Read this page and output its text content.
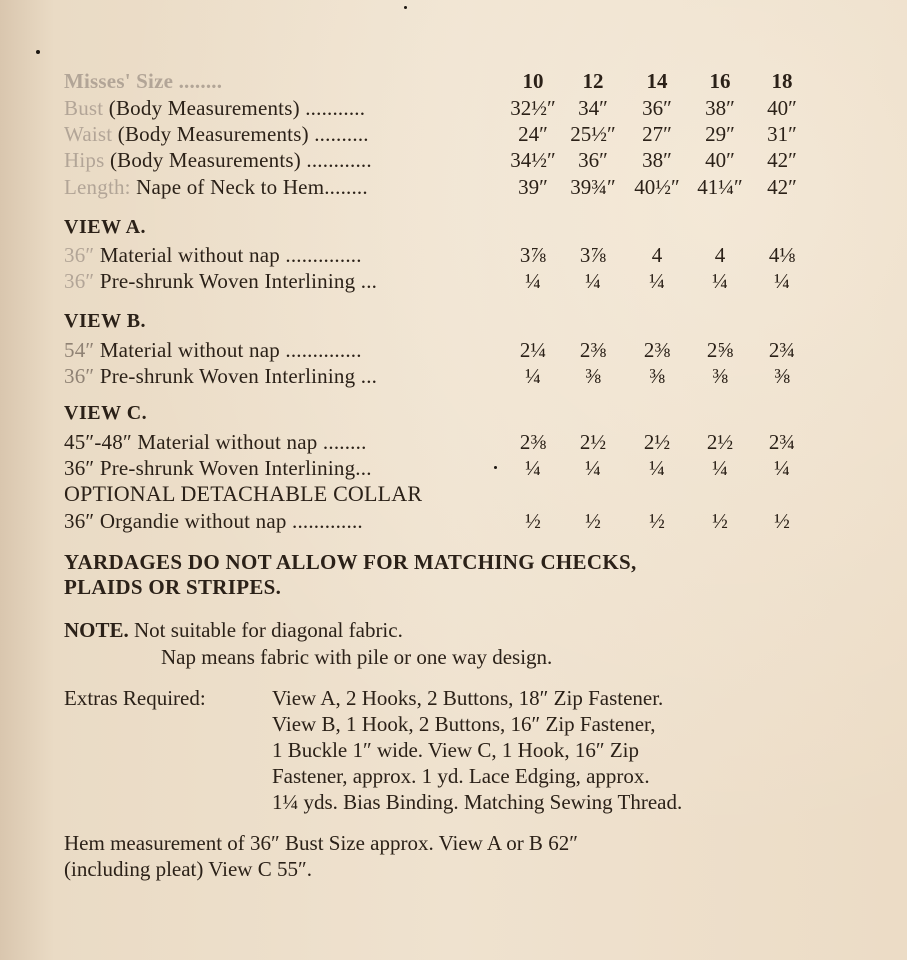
Misses' Size ........	10	12	14	16	18
Bust (Body Measurements) ...........	32½″	34″	36″	38″	40″
Waist (Body Measurements) ..........	24″	25½″	27″	29″	31″
Hips (Body Measurements) ............	34½″	36″	38″	40″	42″
Length: Nape of Neck to Hem........	39″	39¾″ 40½″ 41¼″	42″
VIEW A.
36″ Material without nap ..............	3⅞	3⅞	4	4	4⅛
36″ Pre-shrunk Woven Interlining ...	¼	¼	¼	¼	¼
VIEW B.
54″ Material without nap ..............	2¼	2⅜	2⅜	2⅝	2¾
36″ Pre-shrunk Woven Interlining ...	¼	⅜	⅜	⅜	⅜
VIEW C.
45″-48″ Material without nap ........	2⅜	2½	2½	2½	2¾
36″ Pre-shrunk Woven Interlining...	¼	¼	¼	¼	¼
OPTIONAL DETACHABLE COLLAR
36″ Organdie without nap .............	½	½	½	½	½
YARDAGES DO NOT ALLOW FOR MATCHING CHECKS,
PLAIDS OR STRIPES.
NOTE. Not suitable for diagonal fabric.
Nap means fabric with pile or one way design.
Extras Required:	View A, 2 Hooks, 2 Buttons, 18″ Zip Fastener.
View B, 1 Hook, 2 Buttons, 16″ Zip Fastener,
1 Buckle 1″ wide. View C, 1 Hook, 16″ Zip
Fastener, approx. 1 yd. Lace Edging, approx.
1¼ yds. Bias Binding. Matching Sewing Thread.
Hem measurement of 36″ Bust Size approx. View A or B 62″
(including pleat) View C 55″.
